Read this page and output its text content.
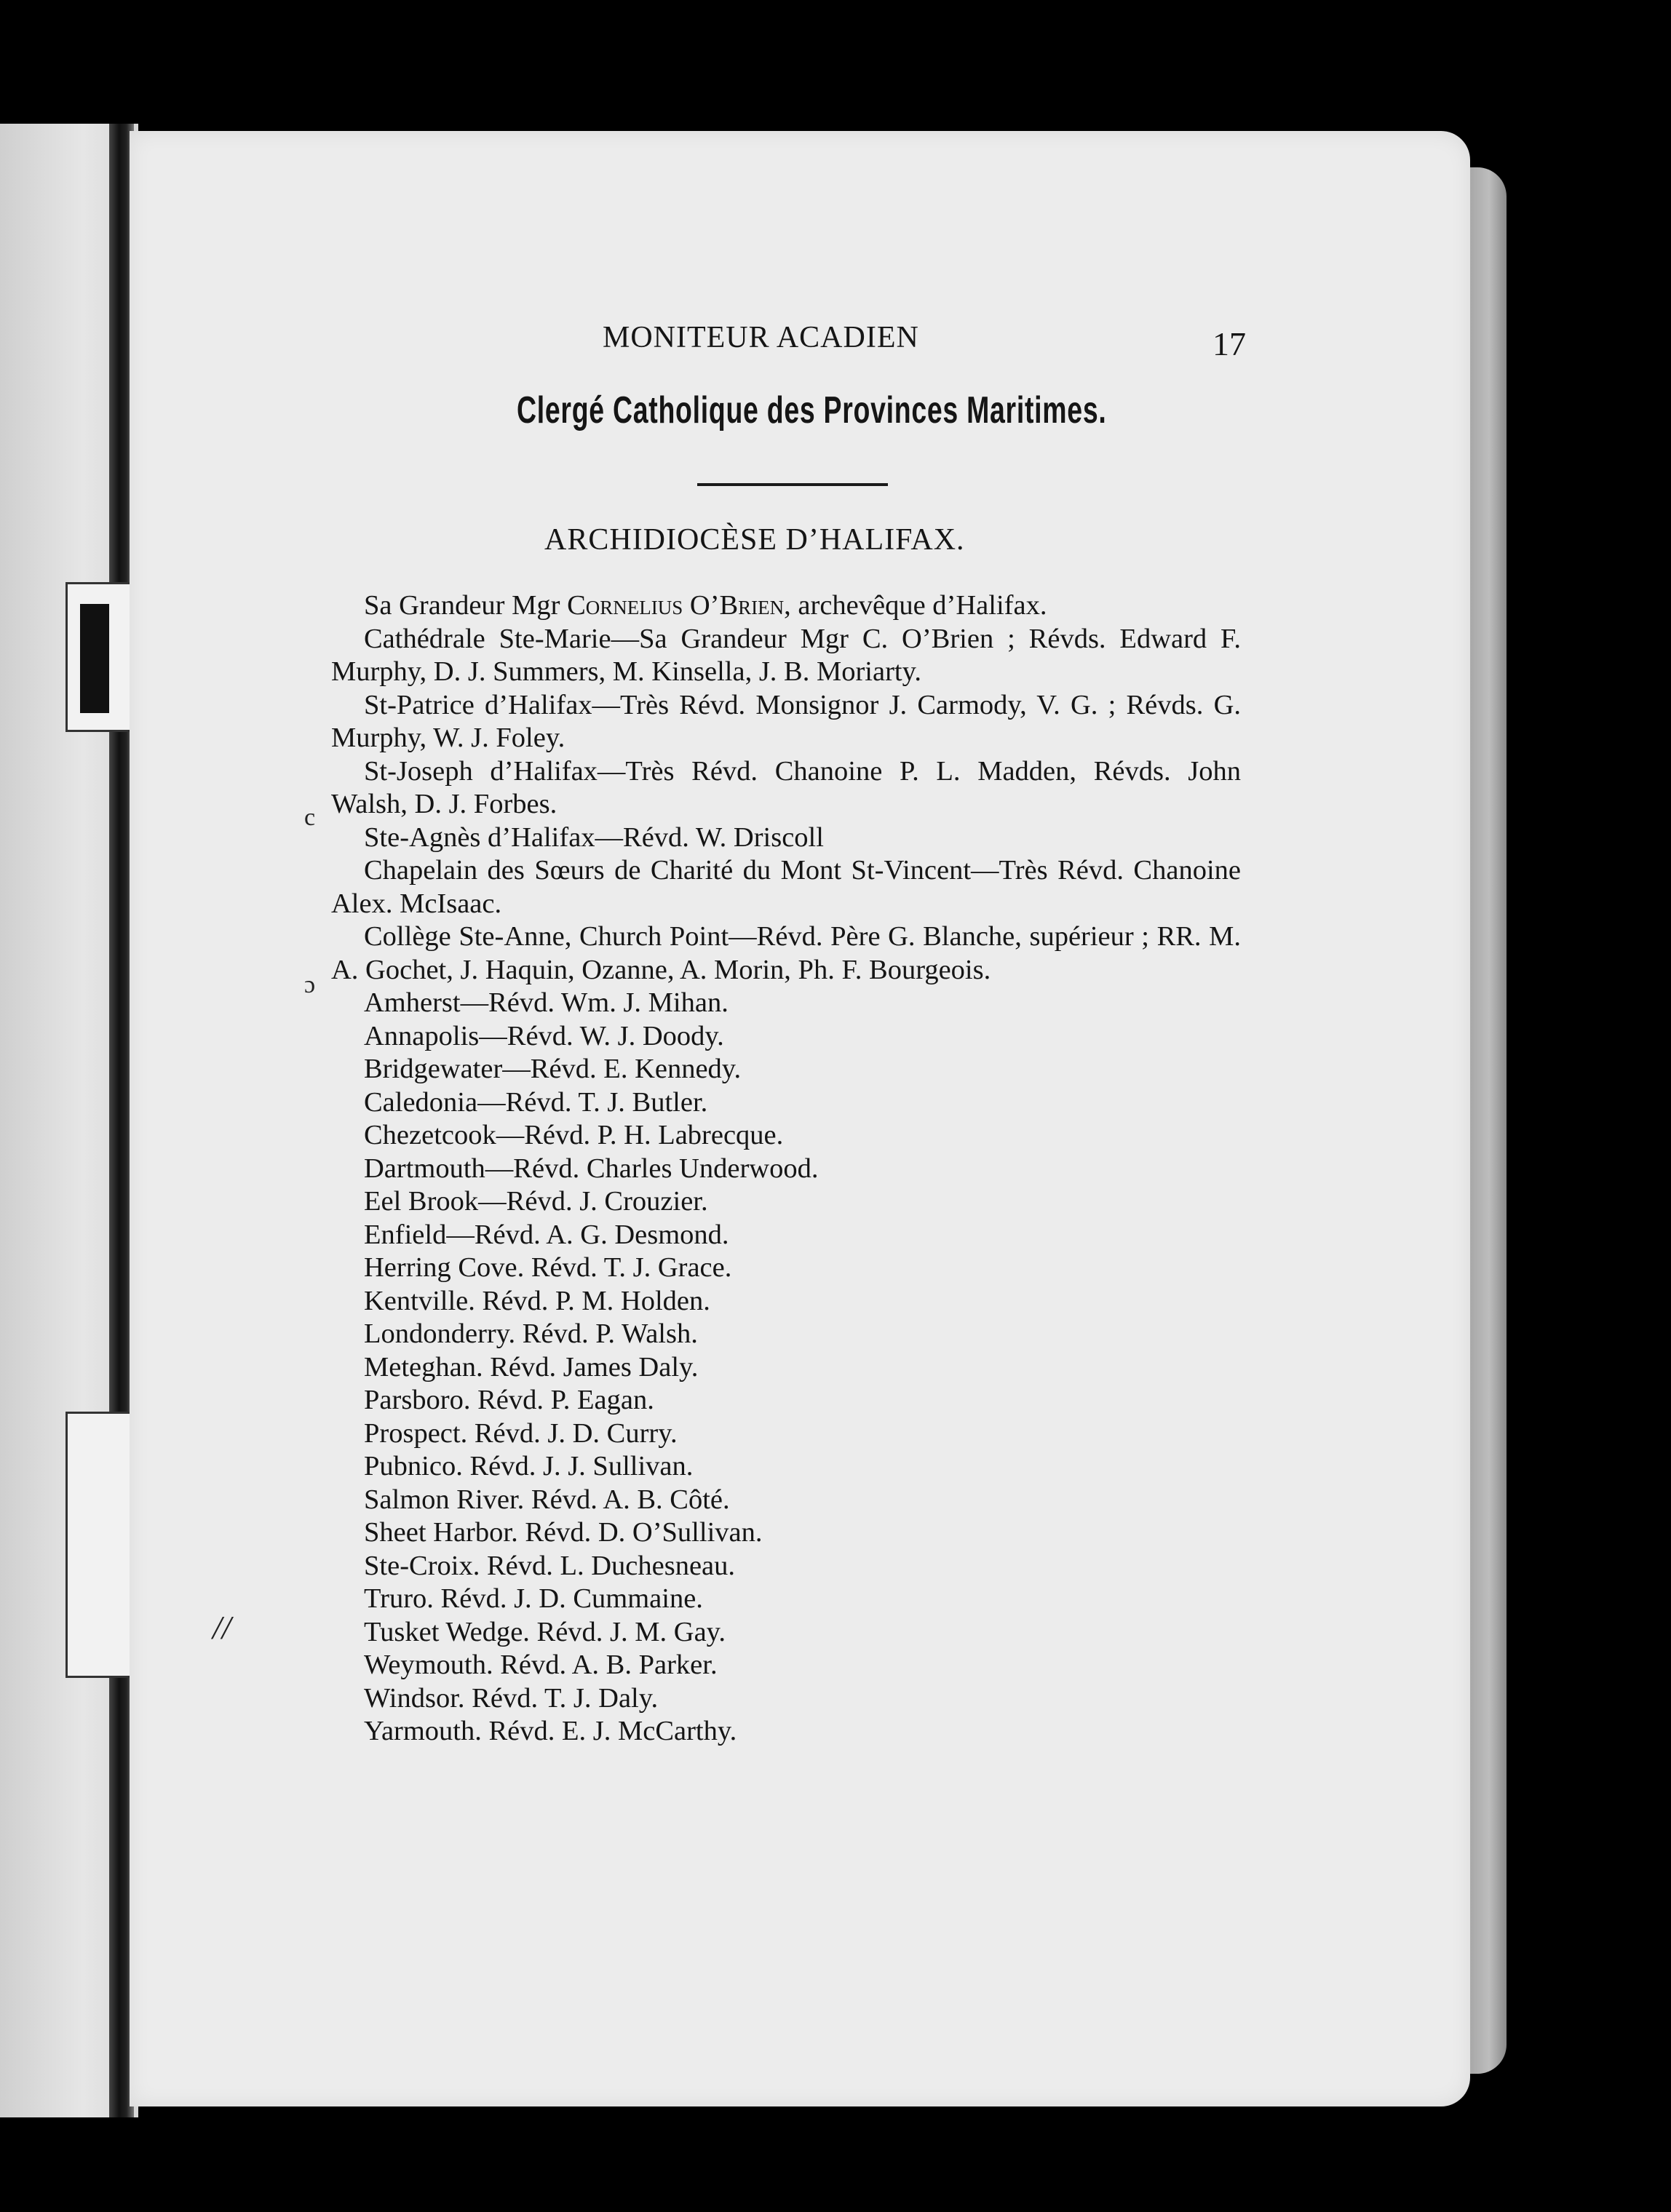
MONITEUR ACADIEN	17
Clergé Catholique des Provinces Maritimes.
ARCHIDIOCÈSE D’HALIFAX.

Sa Grandeur Mgr Cornelius O’Brien, archevêque d’Halifax.

Cathédrale Ste-Marie—Sa Grandeur Mgr C. O’Brien ; Révds. Edward F. Murphy, D. J. Summers, M. Kinsella, J. B. Moriarty.

St-Patrice d’Halifax—Très Révd. Monsignor J. Carmody, V. G. ; Révds. G. Murphy, W. J. Foley.

St-Joseph d’Halifax—Très Révd. Chanoine P. L. Madden, Révds. John Walsh, D. J. Forbes.

Ste-Agnès d’Halifax—Révd. W. Driscoll

Chapelain des Sœurs de Charité du Mont St-Vincent—Très Révd. Chanoine Alex. McIsaac.

Collège Ste-Anne, Church Point—Révd. Père G. Blanche, supérieur ; RR. M. A. Gochet, J. Haquin, Ozanne, A. Morin, Ph. F. Bourgeois.

Amherst—Révd. Wm. J. Mihan.

Annapolis—Révd. W. J. Doody.

Bridgewater—Révd. E. Kennedy.

Caledonia—Révd. T. J. Butler.

Chezetcook—Révd. P. H. Labrecque.

Dartmouth—Révd. Charles Underwood.

Eel Brook—Révd. J. Crouzier.

Enfield—Révd. A. G. Desmond.

Herring Cove. Révd. T. J. Grace.

Kentville. Révd. P. M. Holden.

Londonderry. Révd. P. Walsh.

Meteghan. Révd. James Daly.

Parsboro. Révd. P. Eagan.

Prospect. Révd. J. D. Curry.

Pubnico. Révd. J. J. Sullivan.

Salmon River. Révd. A. B. Côté.

Sheet Harbor. Révd. D. O’Sullivan.

Ste-Croix. Révd. L. Duchesneau.

Truro. Révd. J. D. Cummaine.

Tusket Wedge. Révd. J. M. Gay.

Weymouth. Révd. A. B. Parker.

Windsor. Révd. T. J. Daly.

Yarmouth. Révd. E. J. McCarthy.

c
ɔ
//
